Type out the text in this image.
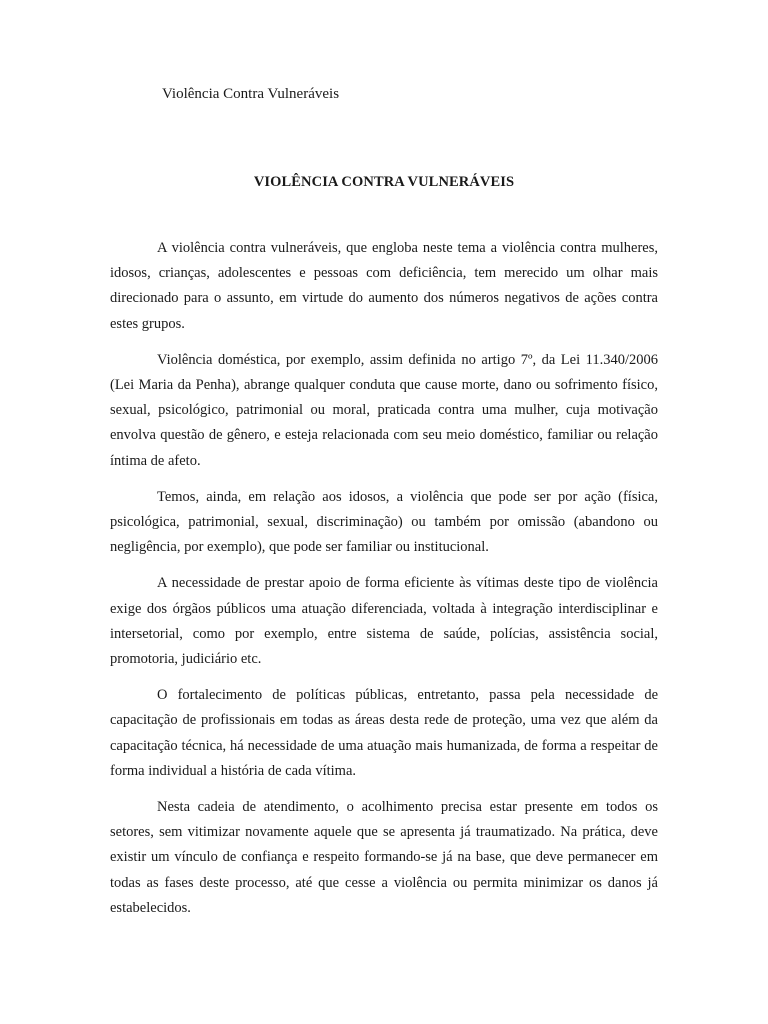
Violência Contra Vulneráveis
VIOLÊNCIA CONTRA VULNERÁVEIS

A violência contra vulneráveis, que engloba neste tema a violência contra mulheres, idosos, crianças, adolescentes e pessoas com deficiência, tem merecido um olhar mais direcionado para o assunto, em virtude do aumento dos números negativos de ações contra estes grupos.

Violência doméstica, por exemplo, assim definida no artigo 7º, da Lei 11.340/2006 (Lei Maria da Penha), abrange qualquer conduta que cause morte, dano ou sofrimento físico, sexual, psicológico, patrimonial ou moral, praticada contra uma mulher, cuja motivação envolva questão de gênero, e esteja relacionada com seu meio doméstico, familiar ou relação íntima de afeto.

Temos, ainda, em relação aos idosos, a violência que pode ser por ação (física, psicológica, patrimonial, sexual, discriminação) ou também por omissão (abandono ou negligência, por exemplo), que pode ser familiar ou institucional.

A necessidade de prestar apoio de forma eficiente às vítimas deste tipo de violência exige dos órgãos públicos uma atuação diferenciada, voltada à integração interdisciplinar e intersetorial, como por exemplo, entre sistema de saúde, polícias, assistência social, promotoria, judiciário etc.

O fortalecimento de políticas públicas, entretanto, passa pela necessidade de capacitação de profissionais em todas as áreas desta rede de proteção, uma vez que além da capacitação técnica, há necessidade de uma atuação mais humanizada, de forma a respeitar de forma individual a história de cada vítima.

Nesta cadeia de atendimento, o acolhimento precisa estar presente em todos os setores, sem vitimizar novamente aquele que se apresenta já traumatizado. Na prática, deve existir um vínculo de confiança e respeito formando-se já na base, que deve permanecer em todas as fases deste processo, até que cesse a violência ou permita minimizar os danos já estabelecidos.
